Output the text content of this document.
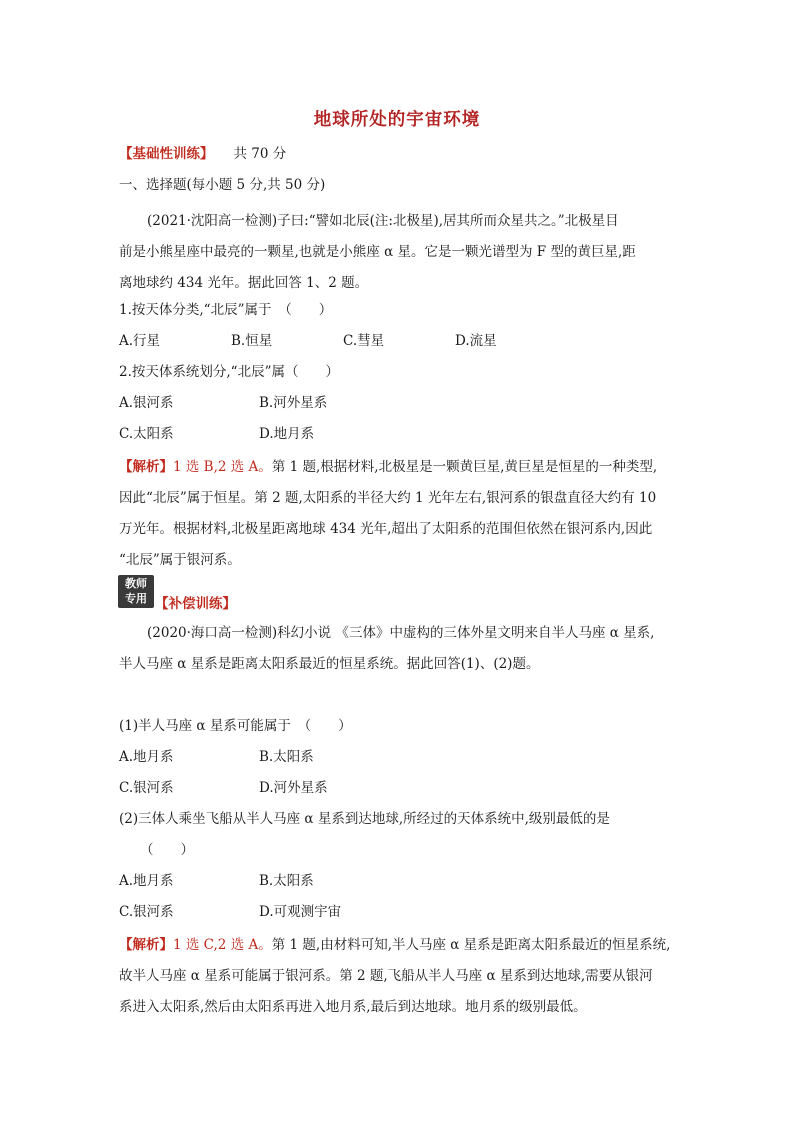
地球所处的宇宙环境
【基础性训练】 共 70 分
一、选择题(每小题 5 分,共 50 分)
(2021·沈阳高一检测)子曰:“譬如北辰(注:北极星),居其所而众星共之。”北极星目
前是小熊星座中最亮的一颗星,也就是小熊座 α 星。它是一颗光谱型为 F 型的黄巨星,距
离地球约 434 光年。据此回答 1、2 题。
1.按天体分类,“北辰”属于　（　　）
A.行星	B.恒星	C.彗星	D.流星
2.按天体系统划分,“北辰”属（　　）
A.银河系	B.河外星系
C.太阳系	D.地月系
【解析】1 选 B,2 选 A。第 1 题,根据材料,北极星是一颗黄巨星,黄巨星是恒星的一种类型,
因此“北辰”属于恒星。第 2 题,太阳系的半径大约 1 光年左右,银河系的银盘直径大约有 10
万光年。根据材料,北极星距离地球 434 光年,超出了太阳系的范围但依然在银河系内,因此
“北辰”属于银河系。
教师
专用 【补偿训练】
(2020·海口高一检测)科幻小说 《三体》中虚构的三体外星文明来自半人马座 α 星系,
半人马座 α 星系是距离太阳系最近的恒星系统。据此回答(1)、(2)题。
(1)半人马座 α 星系可能属于　（　　）
A.地月系	B.太阳系
C.银河系	D.河外星系
(2)三体人乘坐飞船从半人马座 α 星系到达地球,所经过的天体系统中,级别最低的是
（　　）
A.地月系	B.太阳系
C.银河系	D.可观测宇宙
【解析】1 选 C,2 选 A。第 1 题,由材料可知,半人马座 α 星系是距离太阳系最近的恒星系统,
故半人马座 α 星系可能属于银河系。第 2 题,飞船从半人马座 α 星系到达地球,需要从银河
系进入太阳系,然后由太阳系再进入地月系,最后到达地球。地月系的级别最低。
